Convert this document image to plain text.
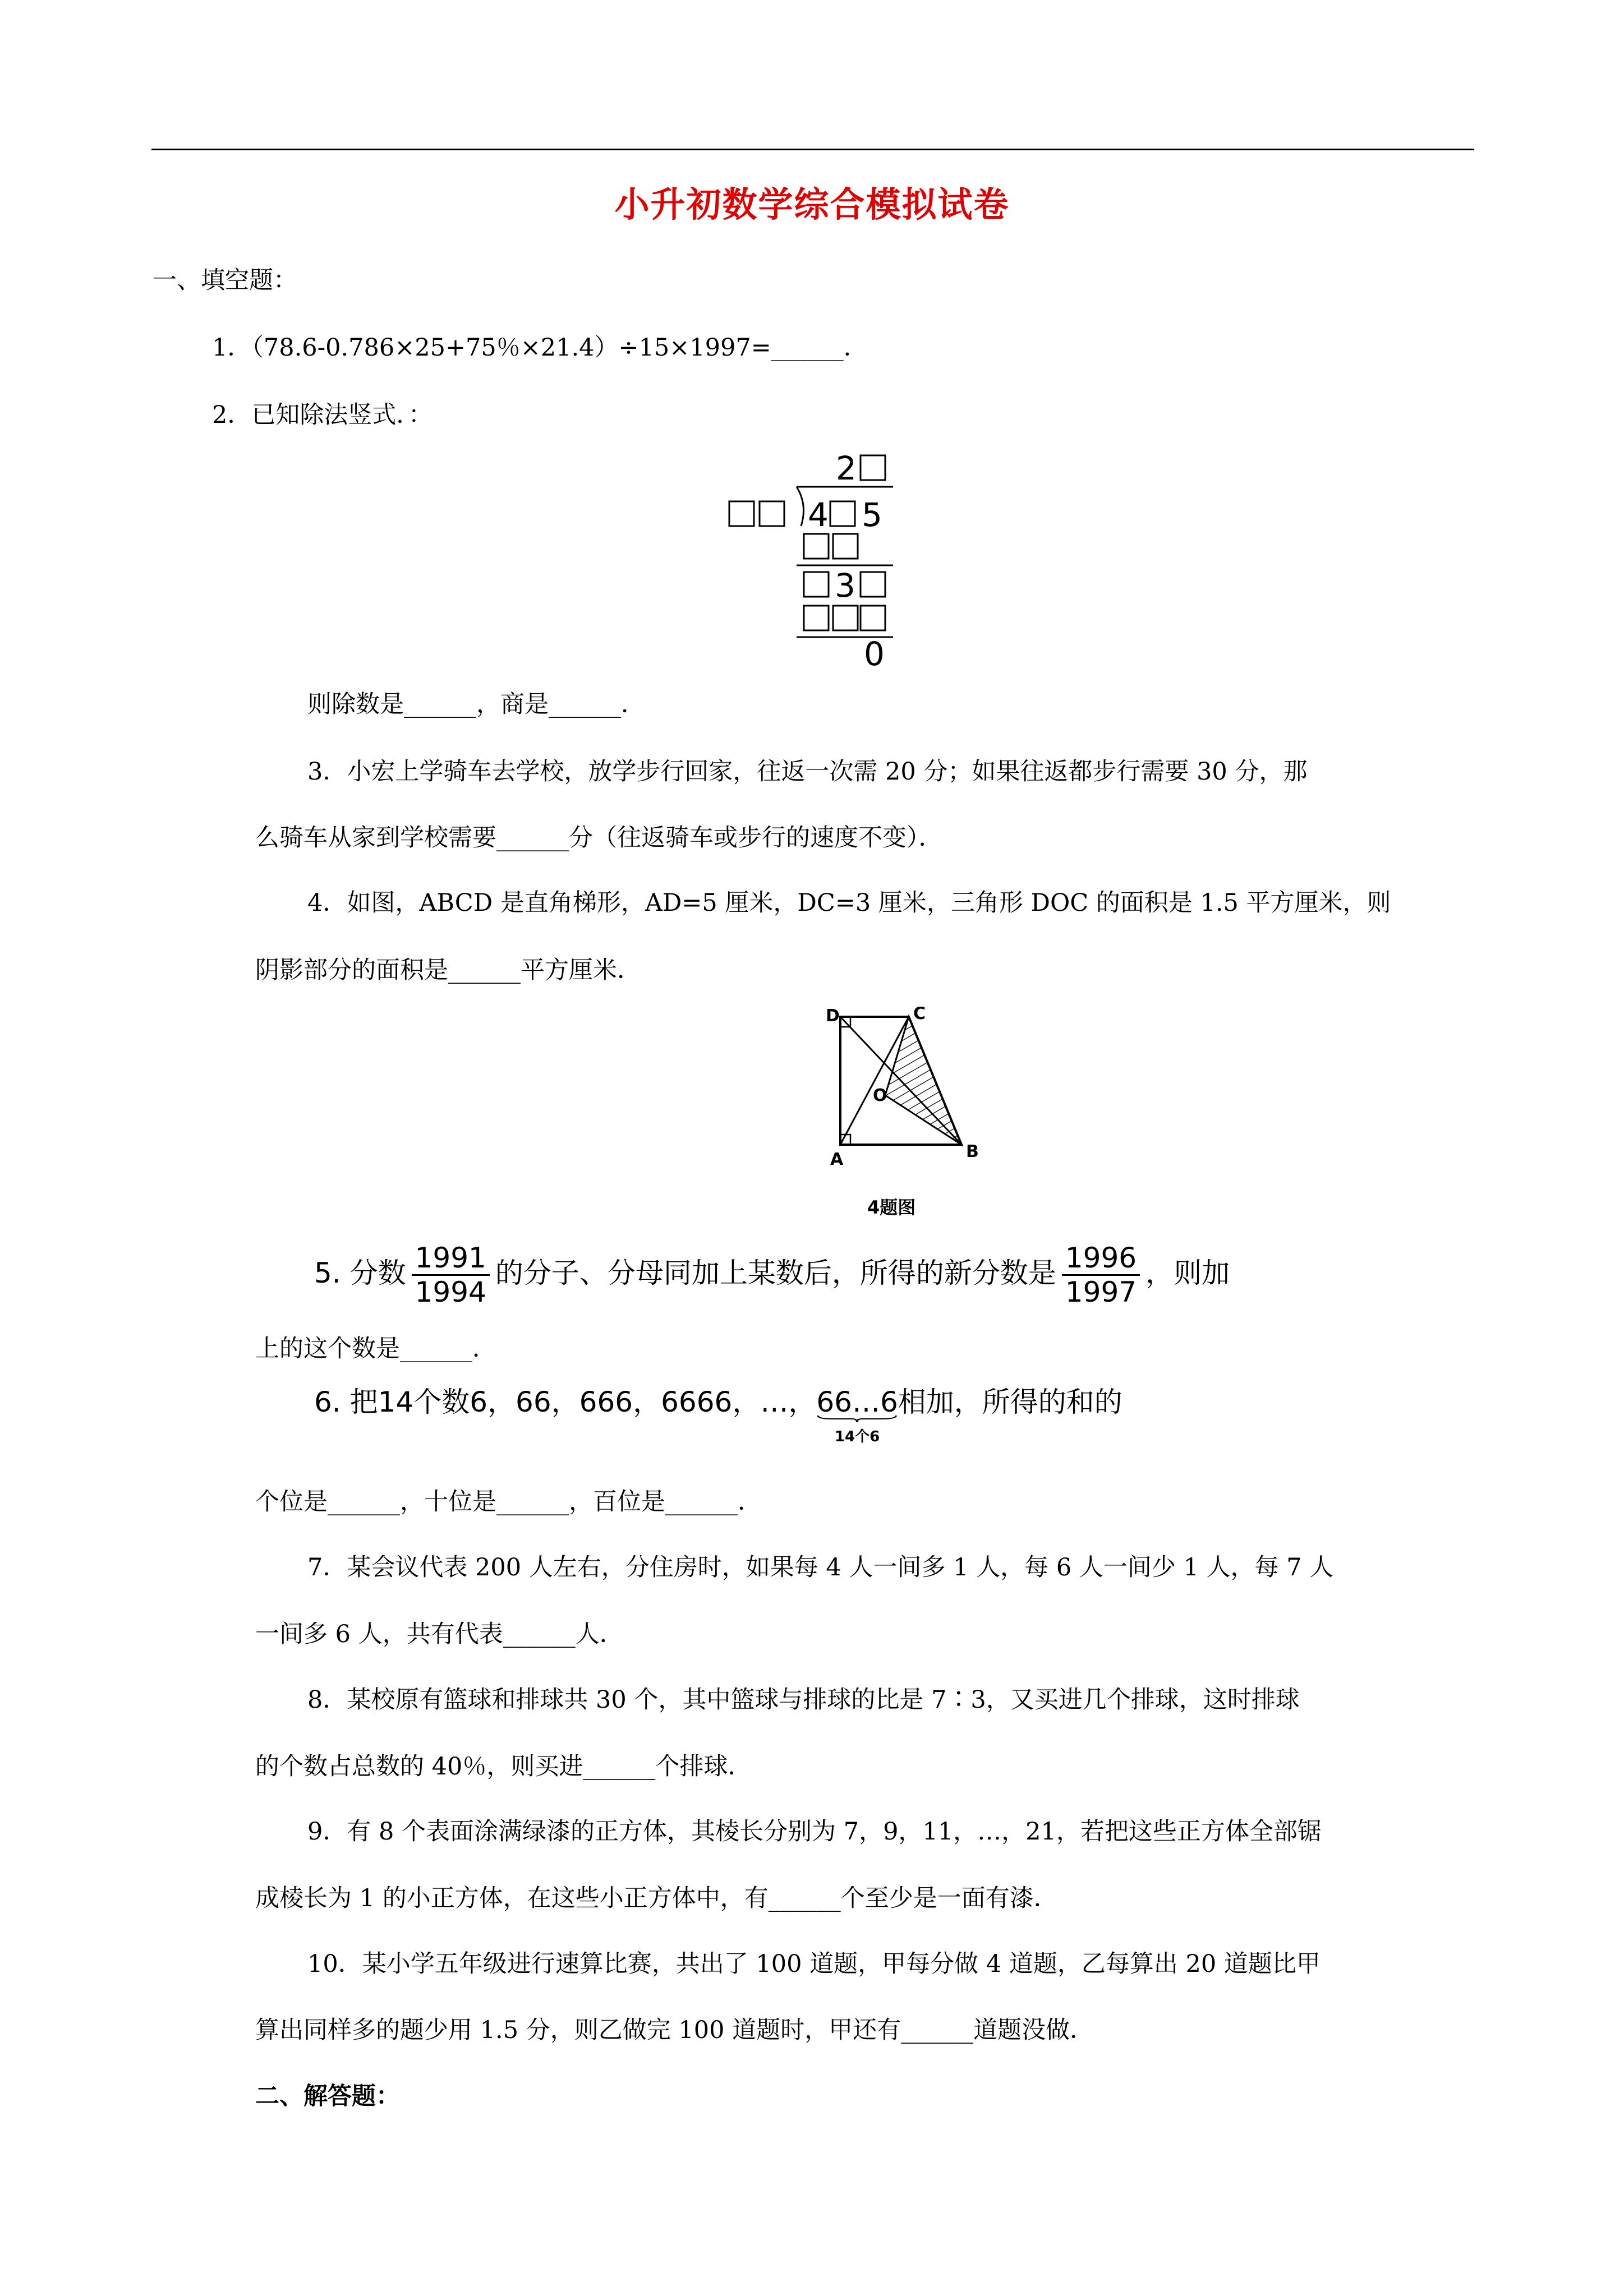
小升初数学综合模拟试卷
一、填空题：
1．（78.6-0.786×25+75％×21.4）÷15×1997=______．
2．已知除法竖式．：
2
4 5
3
0
则除数是______，商是______．
3．小宏上学骑车去学校，放学步行回家，往返一次需 20 分；如果往返都步行需要 30 分，那
么骑车从家到学校需要______分（往返骑车或步行的速度不变）．
4．如图，ABCD 是直角梯形，AD=5 厘米，DC=3 厘米，三角形 DOC 的面积是 1.5 平方厘米，则
阴影部分的面积是______平方厘米．
D	C
O
A	B
4题图
5. 分数 $\frac{1991}{1994}$ 的分子、分母同加上某数后，所得的新分数是 $\frac{1996}{1997}$ ，则加
上的这个数是______．
6. 把14个数6，66，666，6666，…，66…6
14个6
相加，所得的和的
个位是______，十位是______，百位是______．
7．某会议代表 200 人左右，分住房时，如果每 4 人一间多 1 人，每 6 人一间少 1 人，每 7 人
一间多 6 人，共有代表______人．
8．某校原有篮球和排球共 30 个，其中篮球与排球的比是 7∶3，又买进几个排球，这时排球
的个数占总数的 40％，则买进______个排球．
9．有 8 个表面涂满绿漆的正方体，其棱长分别为 7，9，11，…，21，若把这些正方体全部锯
成棱长为 1 的小正方体，在这些小正方体中，有______个至少是一面有漆．
10．某小学五年级进行速算比赛，共出了 100 道题，甲每分做 4 道题，乙每算出 20 道题比甲
算出同样多的题少用 1.5 分，则乙做完 100 道题时，甲还有______道题没做．
二、解答题：
